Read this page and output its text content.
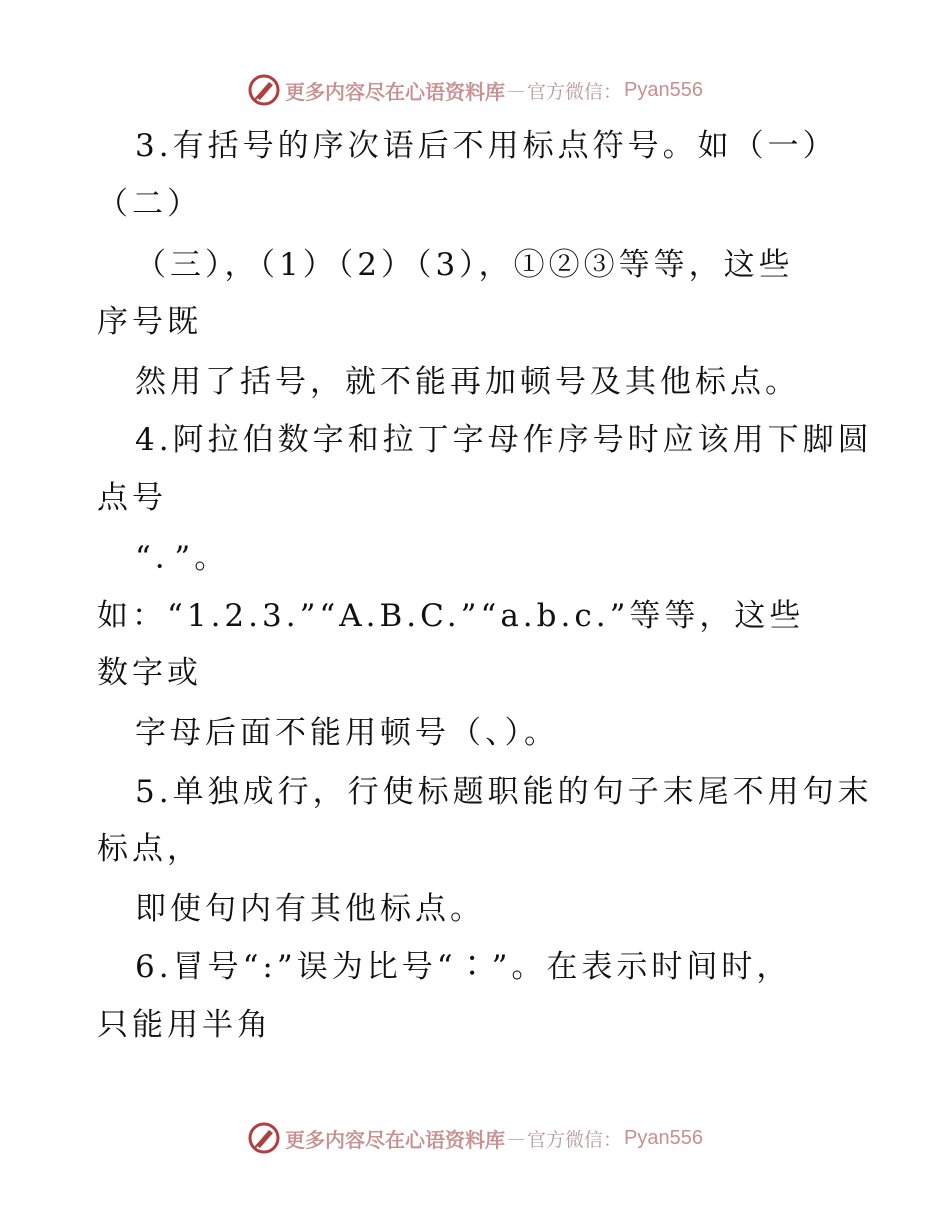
更多内容尽在心语资料库 — 官方微信： Pyan556
3.有括号的序次语后不用标点符号。如（一）
（二）
（三），（1）（2）（3），①②③等等，这些
序号既
然用了括号，就不能再加顿号及其他标点。
4.阿拉伯数字和拉丁字母作序号时应该用下脚圆
点号
“．”。
如：“1.2.3.”“A.B.C.”“a.b.c.”等等，这些
数字或
字母后面不能用顿号（、）。
5.单独成行，行使标题职能的句子末尾不用句末
标点，
即使句内有其他标点。
6.冒号“:”误为比号“∶”。在表示时间时，
只能用半角
更多内容尽在心语资料库 — 官方微信： Pyan556
